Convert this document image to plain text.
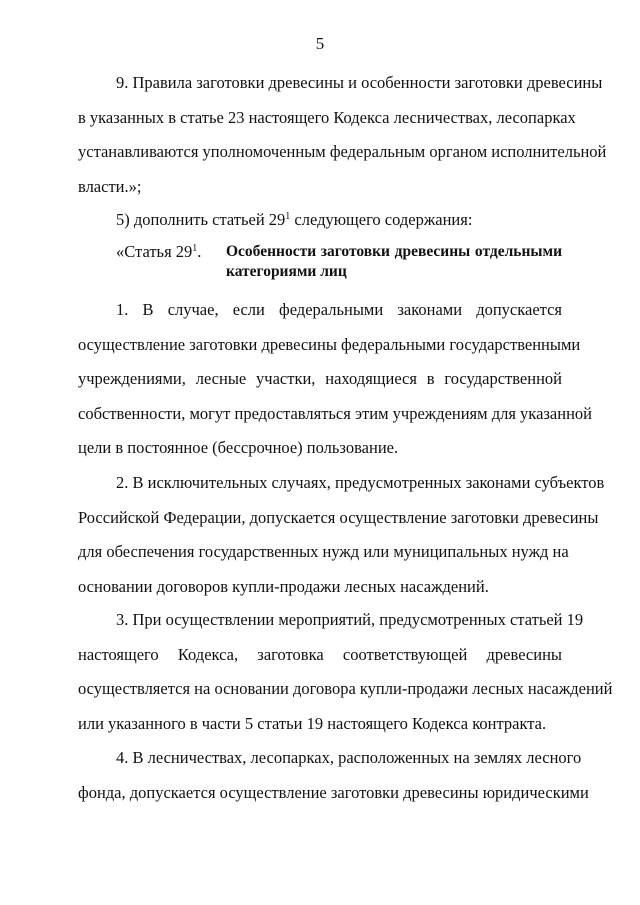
5
9. Правила заготовки древесины и особенности заготовки древесины
в указанных в статье 23 настоящего Кодекса лесничествах, лесопарках
устанавливаются уполномоченным федеральным органом исполнительной
власти.»;
5) дополнить статьей $29^1$ следующего содержания:
«Статья $29^1$. Особенности заготовки древесины отдельными
категориями лиц
1. В случае, если федеральными законами допускается
осуществление заготовки древесины федеральными государственными
учреждениями, лесные участки, находящиеся в государственной
собственности, могут предоставляться этим учреждениям для указанной
цели в постоянное (бессрочное) пользование.
2. В исключительных случаях, предусмотренных законами субъектов
Российской Федерации, допускается осуществление заготовки древесины
для обеспечения государственных нужд или муниципальных нужд на
основании договоров купли-продажи лесных насаждений.
3. При осуществлении мероприятий, предусмотренных статьей 19
настоящего Кодекса, заготовка соответствующей древесины
осуществляется на основании договора купли-продажи лесных насаждений
или указанного в части 5 статьи 19 настоящего Кодекса контракта.
4. В лесничествах, лесопарках, расположенных на землях лесного
фонда, допускается осуществление заготовки древесины юридическими
